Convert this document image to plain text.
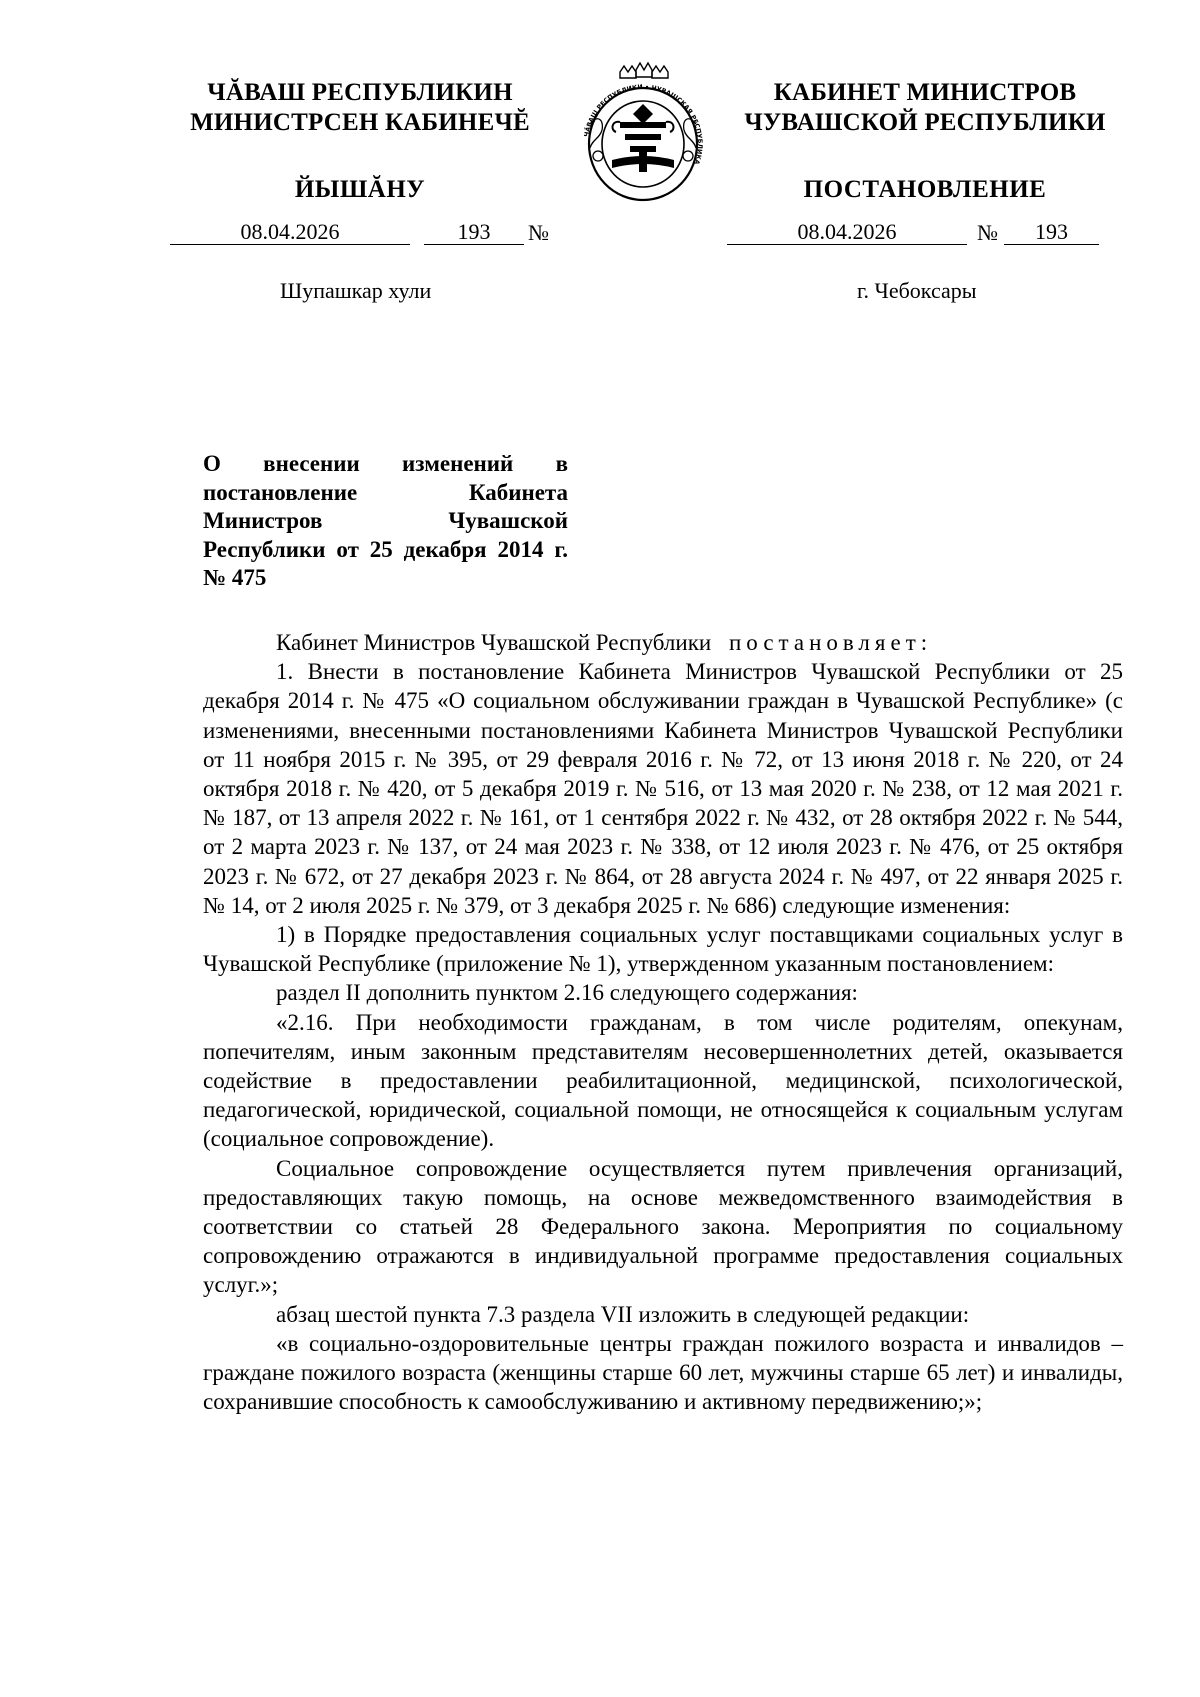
ЧĂВАШ РЕСПУБЛИКИН
МИНИСТРСЕН КАБИНЕЧĔ
ЙЫШĂНУ
ЧĂВАШ РЕСПУБЛИКИ • ЧУВАШСКАЯ РЕСПУБЛИКА
КАБИНЕТ МИНИСТРОВ
ЧУВАШСКОЙ РЕСПУБЛИКИ
ПОСТАНОВЛЕНИЕ
08.04.2026	193	№	08.04.2026	№	193
Шупашкар хули	г. Чебоксары
О внесении изменений в постановление Кабинета Министров Чувашской Республики от 25 декабря 2014 г. № 475

Кабинет Министров Чувашской Республики постановляет:

1. Внести в постановление Кабинета Министров Чувашской Республики от 25 декабря 2014 г. № 475 «О социальном обслуживании граждан в Чувашской Республике» (с изменениями, внесенными постановлениями Кабинета Министров Чувашской Республики от 11 ноября 2015 г. № 395, от 29 февраля 2016 г. № 72, от 13 июня 2018 г. № 220, от 24 октября 2018 г. № 420, от 5 декабря 2019 г. № 516, от 13 мая 2020 г. № 238, от 12 мая 2021 г. № 187, от 13 апреля 2022 г. № 161, от 1 сентября 2022 г. № 432, от 28 октября 2022 г. № 544, от 2 марта 2023 г. № 137, от 24 мая 2023 г. № 338, от 12 июля 2023 г. № 476, от 25 октября 2023 г. № 672, от 27 декабря 2023 г. № 864, от 28 августа 2024 г. № 497, от 22 января 2025 г. № 14, от 2 июля 2025 г. № 379, от 3 декабря 2025 г. № 686) следующие изменения:

1) в Порядке предоставления социальных услуг поставщиками социальных услуг в Чувашской Республике (приложение № 1), утвержденном указанным постановлением:

раздел II дополнить пунктом 2.16 следующего содержания:

«2.16. При необходимости гражданам, в том числе родителям, опекунам, попечителям, иным законным представителям несовершеннолетних детей, оказывается содействие в предоставлении реабилитационной, медицинской, психологической, педагогической, юридической, социальной помощи, не относящейся к социальным услугам (социальное сопровождение).

Социальное сопровождение осуществляется путем привлечения организаций, предоставляющих такую помощь, на основе межведомственного взаимодействия в соответствии со статьей 28 Федерального закона. Мероприятия по социальному сопровождению отражаются в индивидуальной программе предоставления социальных услуг.»;

абзац шестой пункта 7.3 раздела VII изложить в следующей редакции:

«в социально-оздоровительные центры граждан пожилого возраста и инвалидов – граждане пожилого возраста (женщины старше 60 лет, мужчины старше 65 лет) и инвалиды, сохранившие способность к самообслуживанию и активному передвижению;»;
